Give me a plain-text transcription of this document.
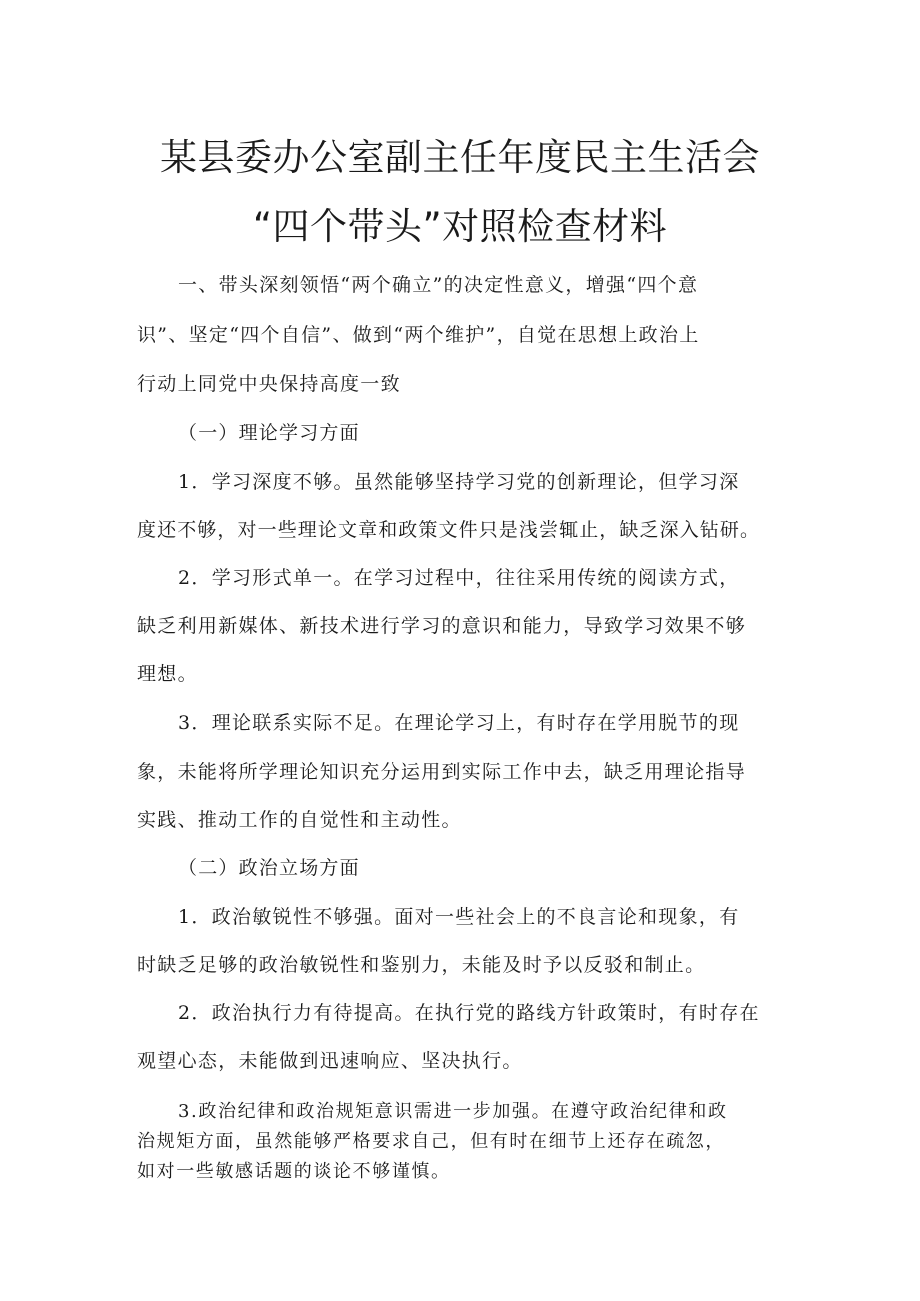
某县委办公室副主任年度民主生活会
“四个带头”对照检查材料
一、带头深刻领悟“两个确立”的决定性意义，增强“四个意
识”、坚定“四个自信”、做到“两个维护”，自觉在思想上政治上
行动上同党中央保持高度一致
（一）理论学习方面
1．学习深度不够。虽然能够坚持学习党的创新理论，但学习深
度还不够，对一些理论文章和政策文件只是浅尝辄止，缺乏深入钻研。
2．学习形式单一。在学习过程中，往往采用传统的阅读方式，
缺乏利用新媒体、新技术进行学习的意识和能力，导致学习效果不够
理想。
3．理论联系实际不足。在理论学习上，有时存在学用脱节的现
象，未能将所学理论知识充分运用到实际工作中去，缺乏用理论指导
实践、推动工作的自觉性和主动性。
（二）政治立场方面
1．政治敏锐性不够强。面对一些社会上的不良言论和现象，有
时缺乏足够的政治敏锐性和鉴别力，未能及时予以反驳和制止。
2．政治执行力有待提高。在执行党的路线方针政策时，有时存在
观望心态，未能做到迅速响应、坚决执行。
3.政治纪律和政治规矩意识需进一步加强。在遵守政治纪律和政
治规矩方面，虽然能够严格要求自己，但有时在细节上还存在疏忽，
如对一些敏感话题的谈论不够谨慎。
